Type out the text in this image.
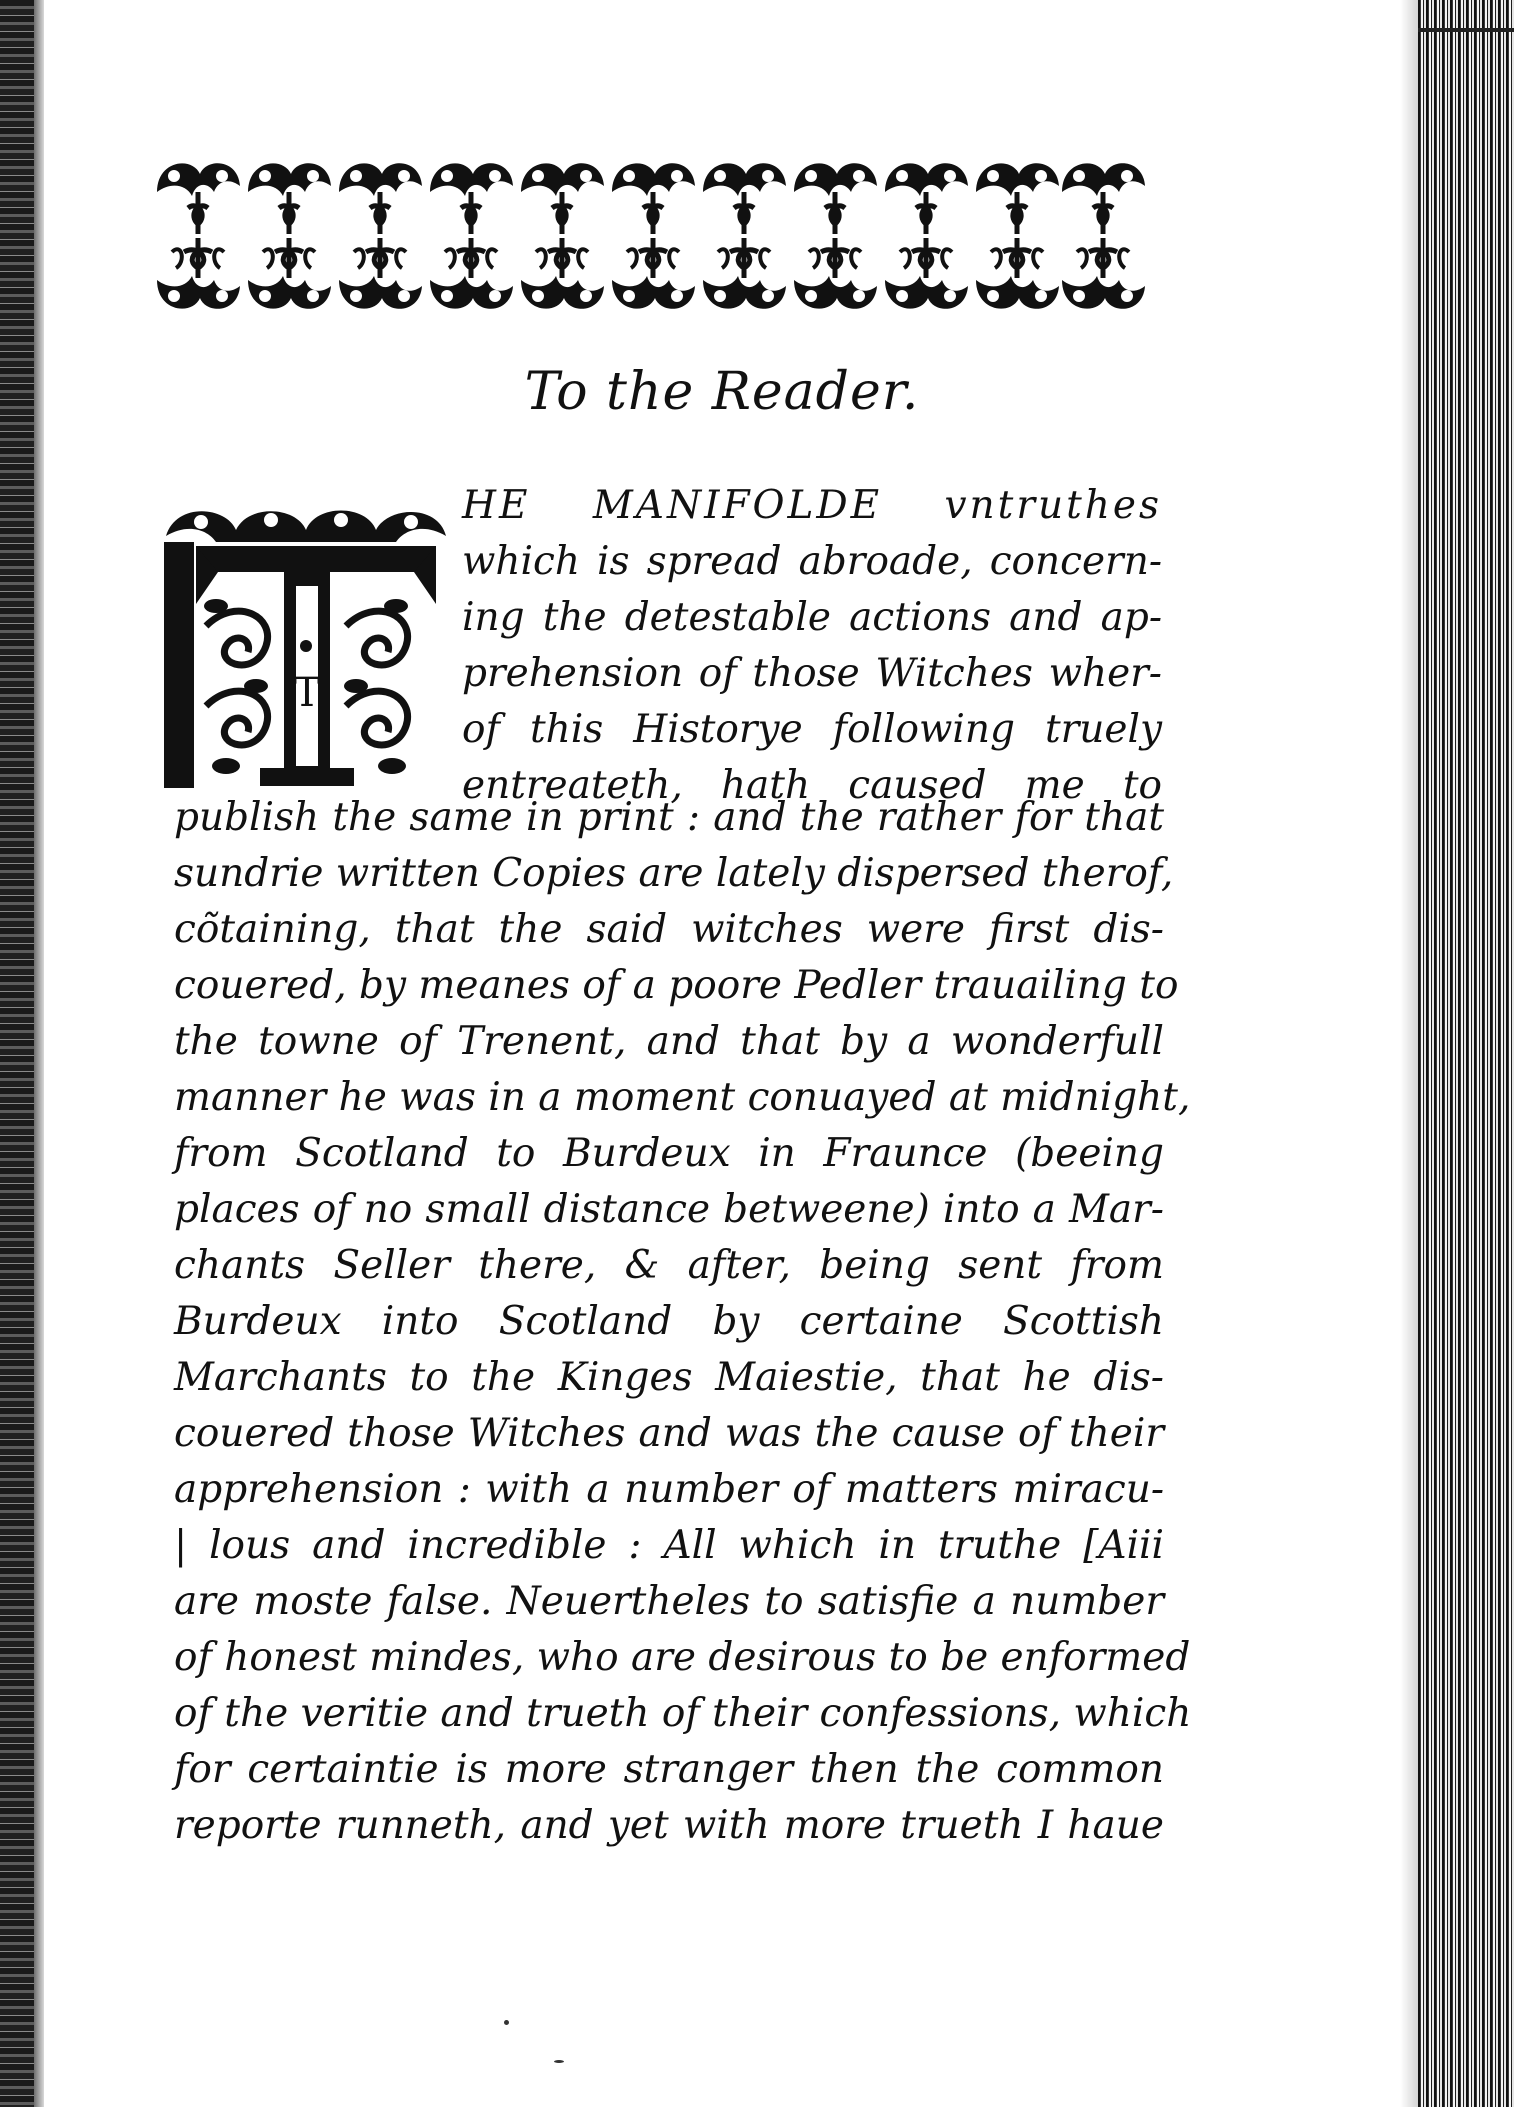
To the Reader.
T
HE MANIFOLDE vntruthes
which is spread abroade, concern-
ing the detestable actions and ap-
prehension of those Witches wher-
of this Historye following truely
entreateth, hath caused me to
publish the same in print : and the rather for that
sundrie written Copies are lately dispersed therof,
cõtaining, that the said witches were first dis-
couered, by meanes of a poore Pedler trauailing to
the towne of Trenent, and that by a wonderfull
manner he was in a moment conuayed at midnight,
from Scotland to Burdeux in Fraunce (beeing
places of no small distance betweene) into a Mar-
chants Seller there, & after, being sent from
Burdeux into Scotland by certaine Scottish
Marchants to the Kinges Maiestie, that he dis-
couered those Witches and was the cause of their
apprehension : with a number of matters miracu-
| lous and incredible : All which in truthe [Aiii
are moste false. Neuertheles to satisfie a number
of honest mindes, who are desirous to be enformed
of the veritie and trueth of their confessions, which
for certaintie is more stranger then the common
reporte runneth, and yet with more trueth I haue
